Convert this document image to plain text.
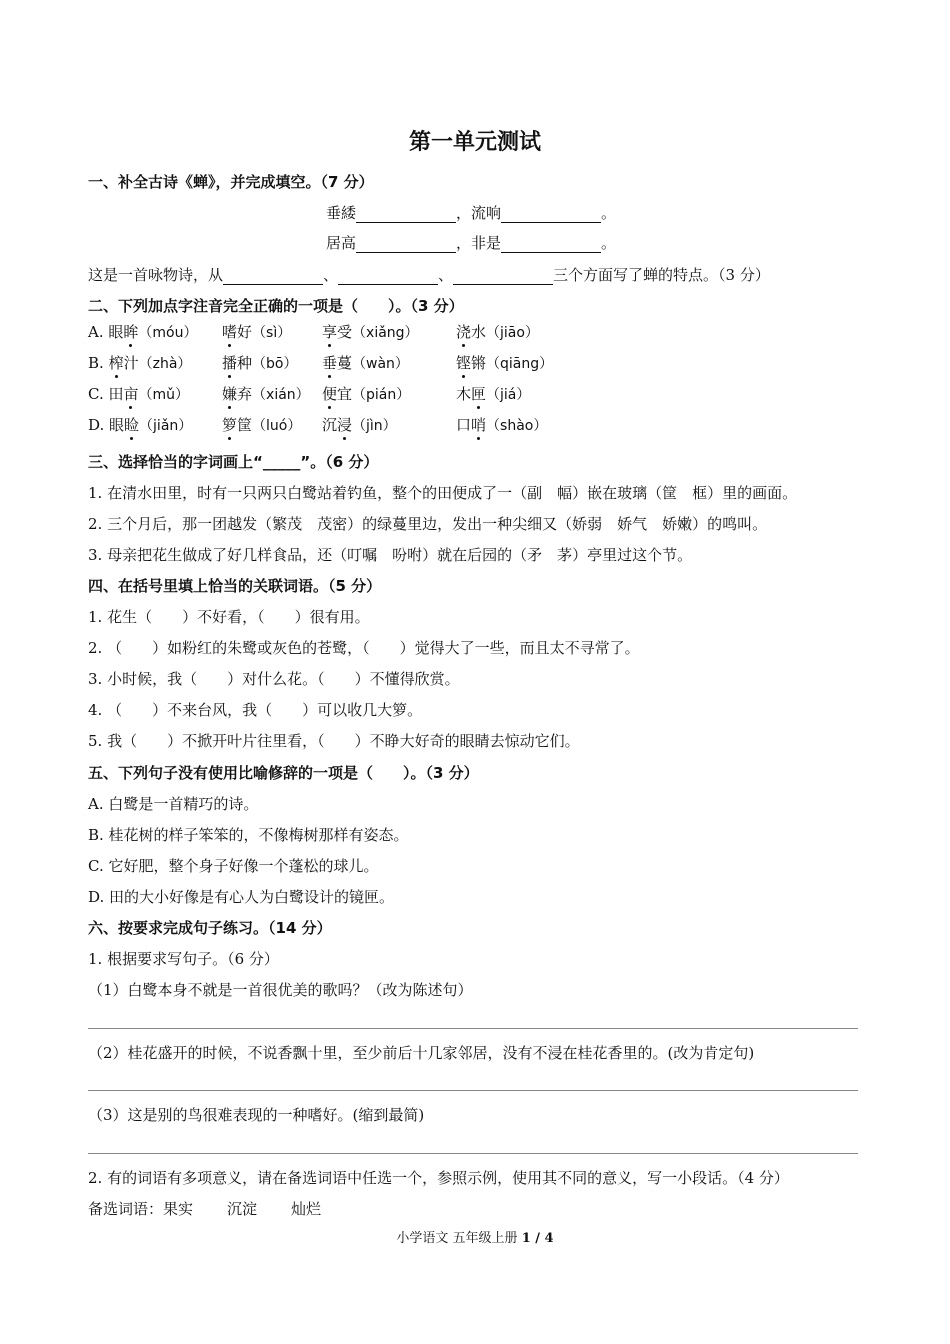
第一单元测试
一、补全古诗《蝉》，并完成填空。（7 分）
垂緌	，流响	。
居高	，非是	。
这是一首咏物诗，从	、	、	三个方面写了蝉的特点。（3 分）
二、下列加点字注音完全正确的一项是（　　）。（3 分）
A. 眼眸（móu） 嗜好（sì） 享受（xiǎng） 浇水（jiāo）
B. 榨汁（zhà） 播种（bō） 垂蔓（wàn）	铿锵（qiāng）
C. 田亩（mǔ） 嫌弃（xián） 便宜（pián）	木匣（jiá）
D. 眼睑（jiǎn） 箩筐（luó） 沉浸（jìn）	口哨（shào）
三、选择恰当的字词画上“_____”。（6 分）
1. 在清水田里，时有一只两只白鹭站着钓鱼，整个的田便成了一（副　幅）嵌在玻璃（筐　框）里的画面。
2. 三个月后，那一团越发（繁茂　茂密）的绿蔓里边，发出一种尖细又（娇弱　娇气　娇嫩）的鸣叫。
3. 母亲把花生做成了好几样食品，还（叮嘱　吩咐）就在后园的（矛　茅）亭里过这个节。
四、在括号里填上恰当的关联词语。（5 分）
1. 花生（　　）不好看，（　　）很有用。
2. （　　）如粉红的朱鹭或灰色的苍鹭，（　　）觉得大了一些，而且太不寻常了。
3. 小时候，我（　　）对什么花。（　　）不懂得欣赏。
4. （　　）不来台风，我（　　）可以收几大箩。
5. 我（　　）不掀开叶片往里看，（　　）不睁大好奇的眼睛去惊动它们。
五、下列句子没有使用比喻修辞的一项是（　　）。（3 分）
A. 白鹭是一首精巧的诗。
B. 桂花树的样子笨笨的，不像梅树那样有姿态。
C. 它好肥，整个身子好像一个蓬松的球儿。
D. 田的大小好像是有心人为白鹭设计的镜匣。
六、按要求完成句子练习。（14 分）
1. 根据要求写句子。（6 分）
（1）白鹭本身不就是一首很优美的歌吗？（改为陈述句）
（2）桂花盛开的时候，不说香飘十里，至少前后十几家邻居，没有不浸在桂花香里的。(改为肯定句)
（3）这是别的鸟很难表现的一种嗜好。(缩到最简)
2. 有的词语有多项意义，请在备选词语中任选一个，参照示例，使用其不同的意义，写一小段话。（4 分）
备选词语：果实 沉淀 灿烂
小学语文 五年级上册 1 / 4
